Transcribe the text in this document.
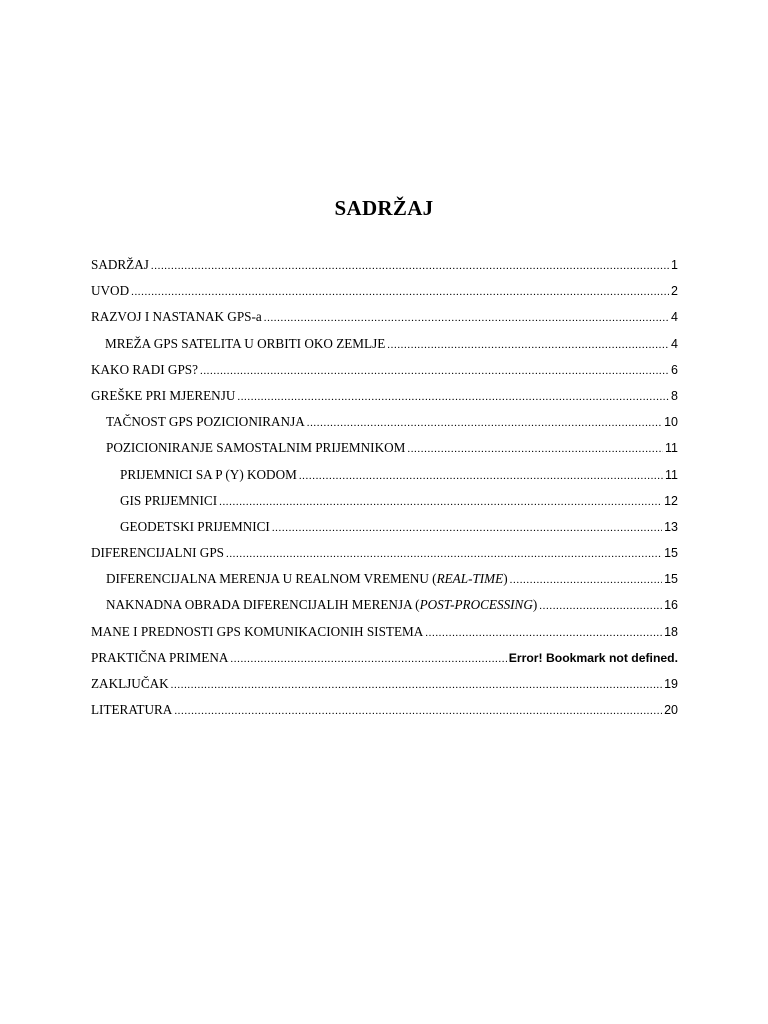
SADRŽAJ
SADRŽAJ .....	1
UVOD .....	2
RAZVOJ I NASTANAK GPS-a .....	4
MREŽA GPS SATELITA U ORBITI OKO ZEMLJE .....	4
KAKO RADI GPS? .....	6
GREŠKE PRI MJERENJU .....	8
TAČNOST GPS POZICIONIRANJA .....	10
POZICIONIRANJE SAMOSTALNIM PRIJEMNIKOM .....	11
PRIJEMNICI SA P (Y) KODOM .....	11
GIS PRIJEMNICI .....	12
GEODETSKI PRIJEMNICI .....	13
DIFERENCIJALNI GPS .....	15
DIFERENCIJALNA MERENJA U REALNOM VREMENU (REAL-TIME) .....	15
NAKNADNA OBRADA DIFERENCIJALIH MERENJA (POST-PROCESSING) .....	16
MANE I PREDNOSTI GPS KOMUNIKACIONIH SISTEMA .....	18
PRAKTIČNA PRIMENA .....	Error! Bookmark not defined.
ZAKLJUČAK .....	19
LITERATURA .....	20
